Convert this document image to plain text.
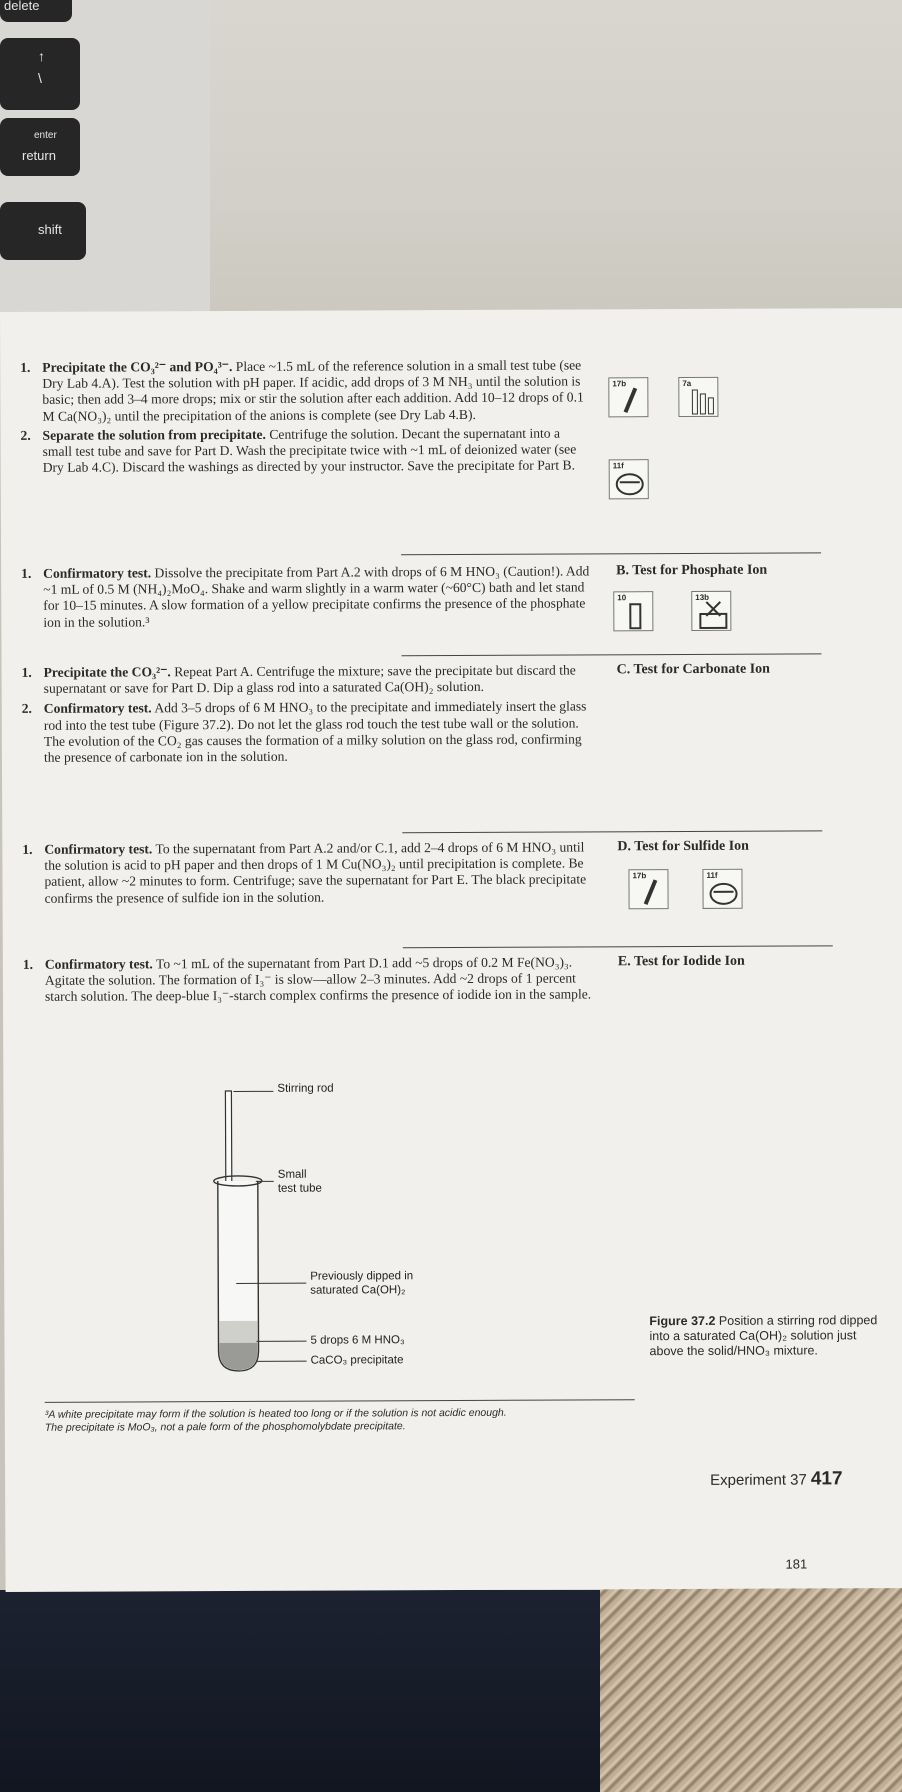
delete
↑
\
enter
return
shift
1. Precipitate the CO₃²⁻ and PO₄³⁻. Place ~1.5 mL of the reference solution in a small test tube (see Dry Lab 4.A). Test the solution with pH paper. If acidic, add drops of 3 M NH₃ until the solution is basic; then add 3–4 more drops; mix or stir the solution after each addition. Add 10–12 drops of 0.1 M Ca(NO₃)₂ until the precipitation of the anions is complete (see Dry Lab 4.B).
2. Separate the solution from precipitate. Centrifuge the solution. Decant the supernatant into a small test tube and save for Part D. Wash the precipitate twice with ~1 mL of deionized water (see Dry Lab 4.C). Discard the washings as directed by your instructor. Save the precipitate for Part B.
17b	7a
11f
B. Test for Phosphate Ion
1. Confirmatory test. Dissolve the precipitate from Part A.2 with drops of 6 M HNO₃ (Caution!). Add ~1 mL of 0.5 M (NH₄)₂MoO₄. Shake and warm slightly in a warm water (~60°C) bath and let stand for 10–15 minutes. A slow formation of a yellow precipitate confirms the presence of the phosphate ion in the solution.³
10	13b
C. Test for Carbonate Ion
1. Precipitate the CO₃²⁻. Repeat Part A. Centrifuge the mixture; save the precipitate but discard the supernatant or save for Part D. Dip a glass rod into a saturated Ca(OH)₂ solution.
2. Confirmatory test. Add 3–5 drops of 6 M HNO₃ to the precipitate and immediately insert the glass rod into the test tube (Figure 37.2). Do not let the glass rod touch the test tube wall or the solution. The evolution of the CO₂ gas causes the formation of a milky solution on the glass rod, confirming the presence of carbonate ion in the solution.
D. Test for Sulfide Ion
1. Confirmatory test. To the supernatant from Part A.2 and/or C.1, add 2–4 drops of 6 M HNO₃ until the solution is acid to pH paper and then drops of 1 M Cu(NO₃)₂ until precipitation is complete. Be patient, allow ~2 minutes to form. Centrifuge; save the supernatant for Part E. The black precipitate confirms the presence of sulfide ion in the solution.
17b	11f
E. Test for Iodide Ion
1. Confirmatory test. To ~1 mL of the supernatant from Part D.1 add ~5 drops of 0.2 M Fe(NO₃)₃. Agitate the solution. The formation of I₃⁻ is slow—allow 2–3 minutes. Add ~2 drops of 1 percent starch solution. The deep-blue I₃⁻-starch complex confirms the presence of iodide ion in the sample.
Stirring rod
Small
test tube
Previously dipped in
saturated Ca(OH)₂
5 drops 6 M HNO₃
CaCO₃ precipitate
Figure 37.2 Position a stirring rod dipped into a saturated Ca(OH)₂ solution just above the solid/HNO₃ mixture.
³A white precipitate may form if the solution is heated too long or if the solution is not acidic enough.
The precipitate is MoO₃, not a pale form of the phosphomolybdate precipitate.
Experiment 37 417
181
